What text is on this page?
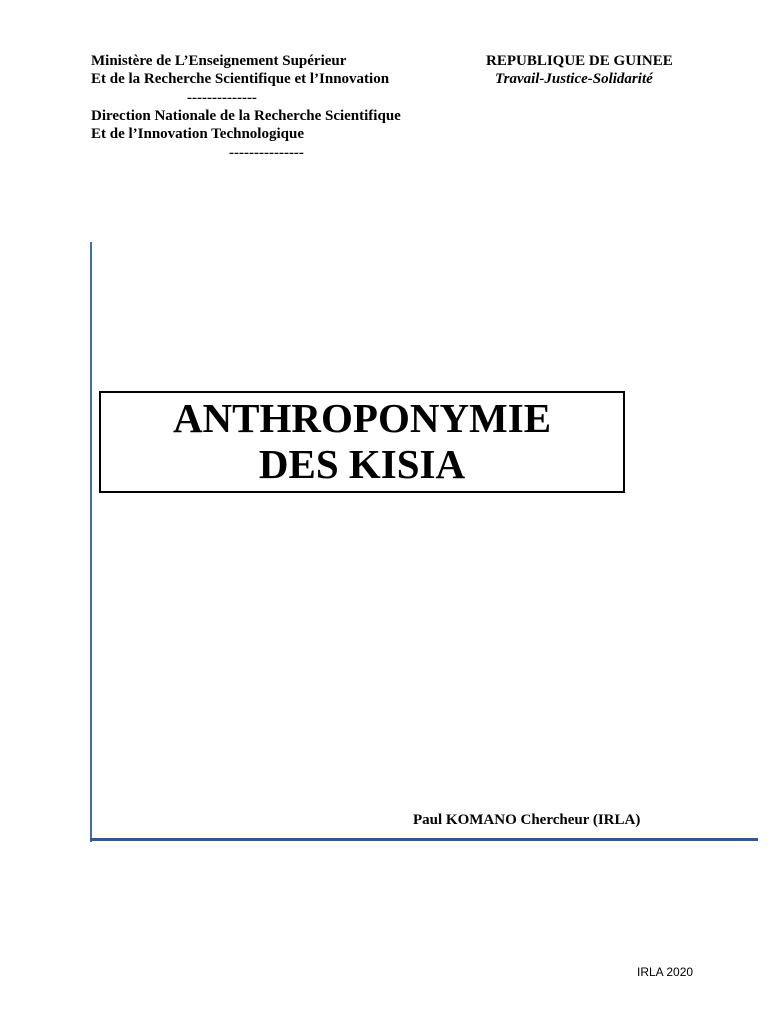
Ministère de L’Enseignement Supérieur
Et de la Recherche Scientifique et l’Innovation
--------------
Direction Nationale de la Recherche Scientifique
Et de l’Innovation Technologique
---------------
REPUBLIQUE DE GUINEE
Travail-Justice-Solidarité
ANTHROPONYMIE
DES KISIA
Paul KOMANO Chercheur (IRLA)
IRLA 2020
